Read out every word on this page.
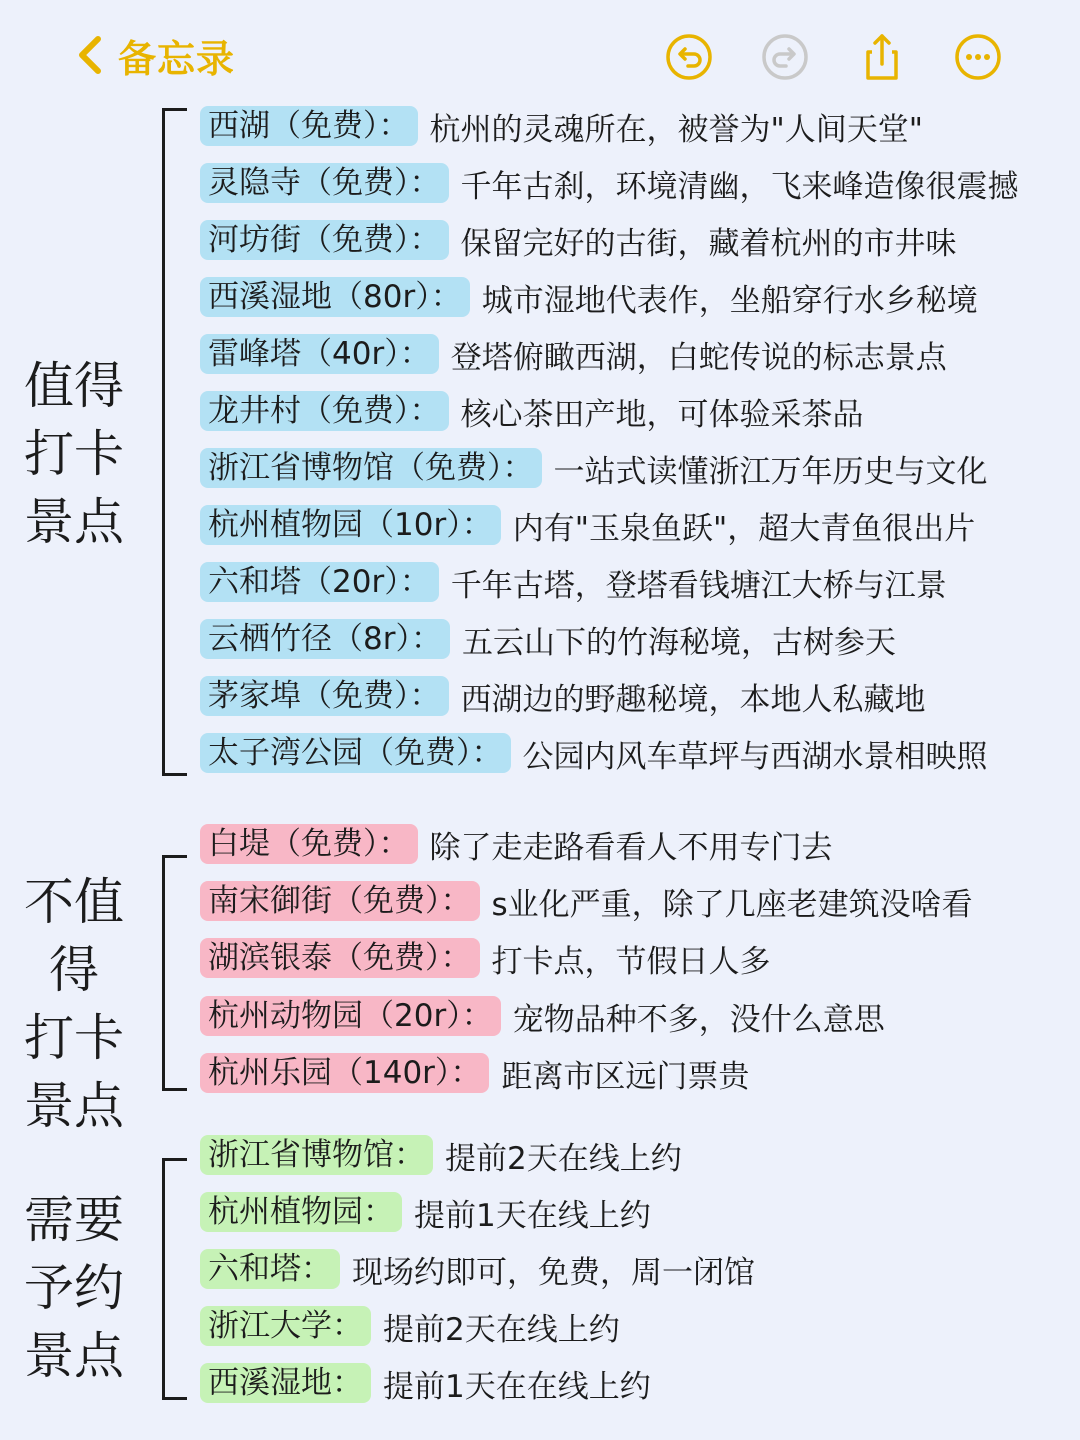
备忘录
值得
打卡
景点
西湖（免费）： 杭州的灵魂所在，被誉为"人间天堂"
灵隐寺（免费）： 千年古刹，环境清幽，飞来峰造像很震撼
河坊街（免费）： 保留完好的古街，藏着杭州的市井味
西溪湿地（80r）： 城市湿地代表作，坐船穿行水乡秘境
雷峰塔（40r）： 登塔俯瞰西湖，白蛇传说的标志景点
龙井村（免费）： 核心茶田产地，可体验采茶品
浙江省博物馆（免费）： 一站式读懂浙江万年历史与文化
杭州植物园（10r）： 内有"玉泉鱼跃"，超大青鱼很出片
六和塔（20r）： 千年古塔，登塔看钱塘江大桥与江景
云栖竹径（8r）： 五云山下的竹海秘境，古树参天
茅家埠（免费）： 西湖边的野趣秘境，本地人私藏地
太子湾公园（免费）： 公园内风车草坪与西湖水景相映照
不值得
打卡
景点
白堤（免费）： 除了走走路看看人不用专门去
南宋御街（免费）： s业化严重，除了几座老建筑没啥看
湖滨银泰（免费）： 打卡点，节假日人多
杭州动物园（20r）： 宠物品种不多，没什么意思
杭州乐园（140r）： 距离市区远门票贵
需要
予约
景点
浙江省博物馆： 提前2天在线上约
杭州植物园： 提前1天在线上约
六和塔： 现场约即可，免费，周一闭馆
浙江大学： 提前2天在线上约
西溪湿地： 提前1天在在线上约
